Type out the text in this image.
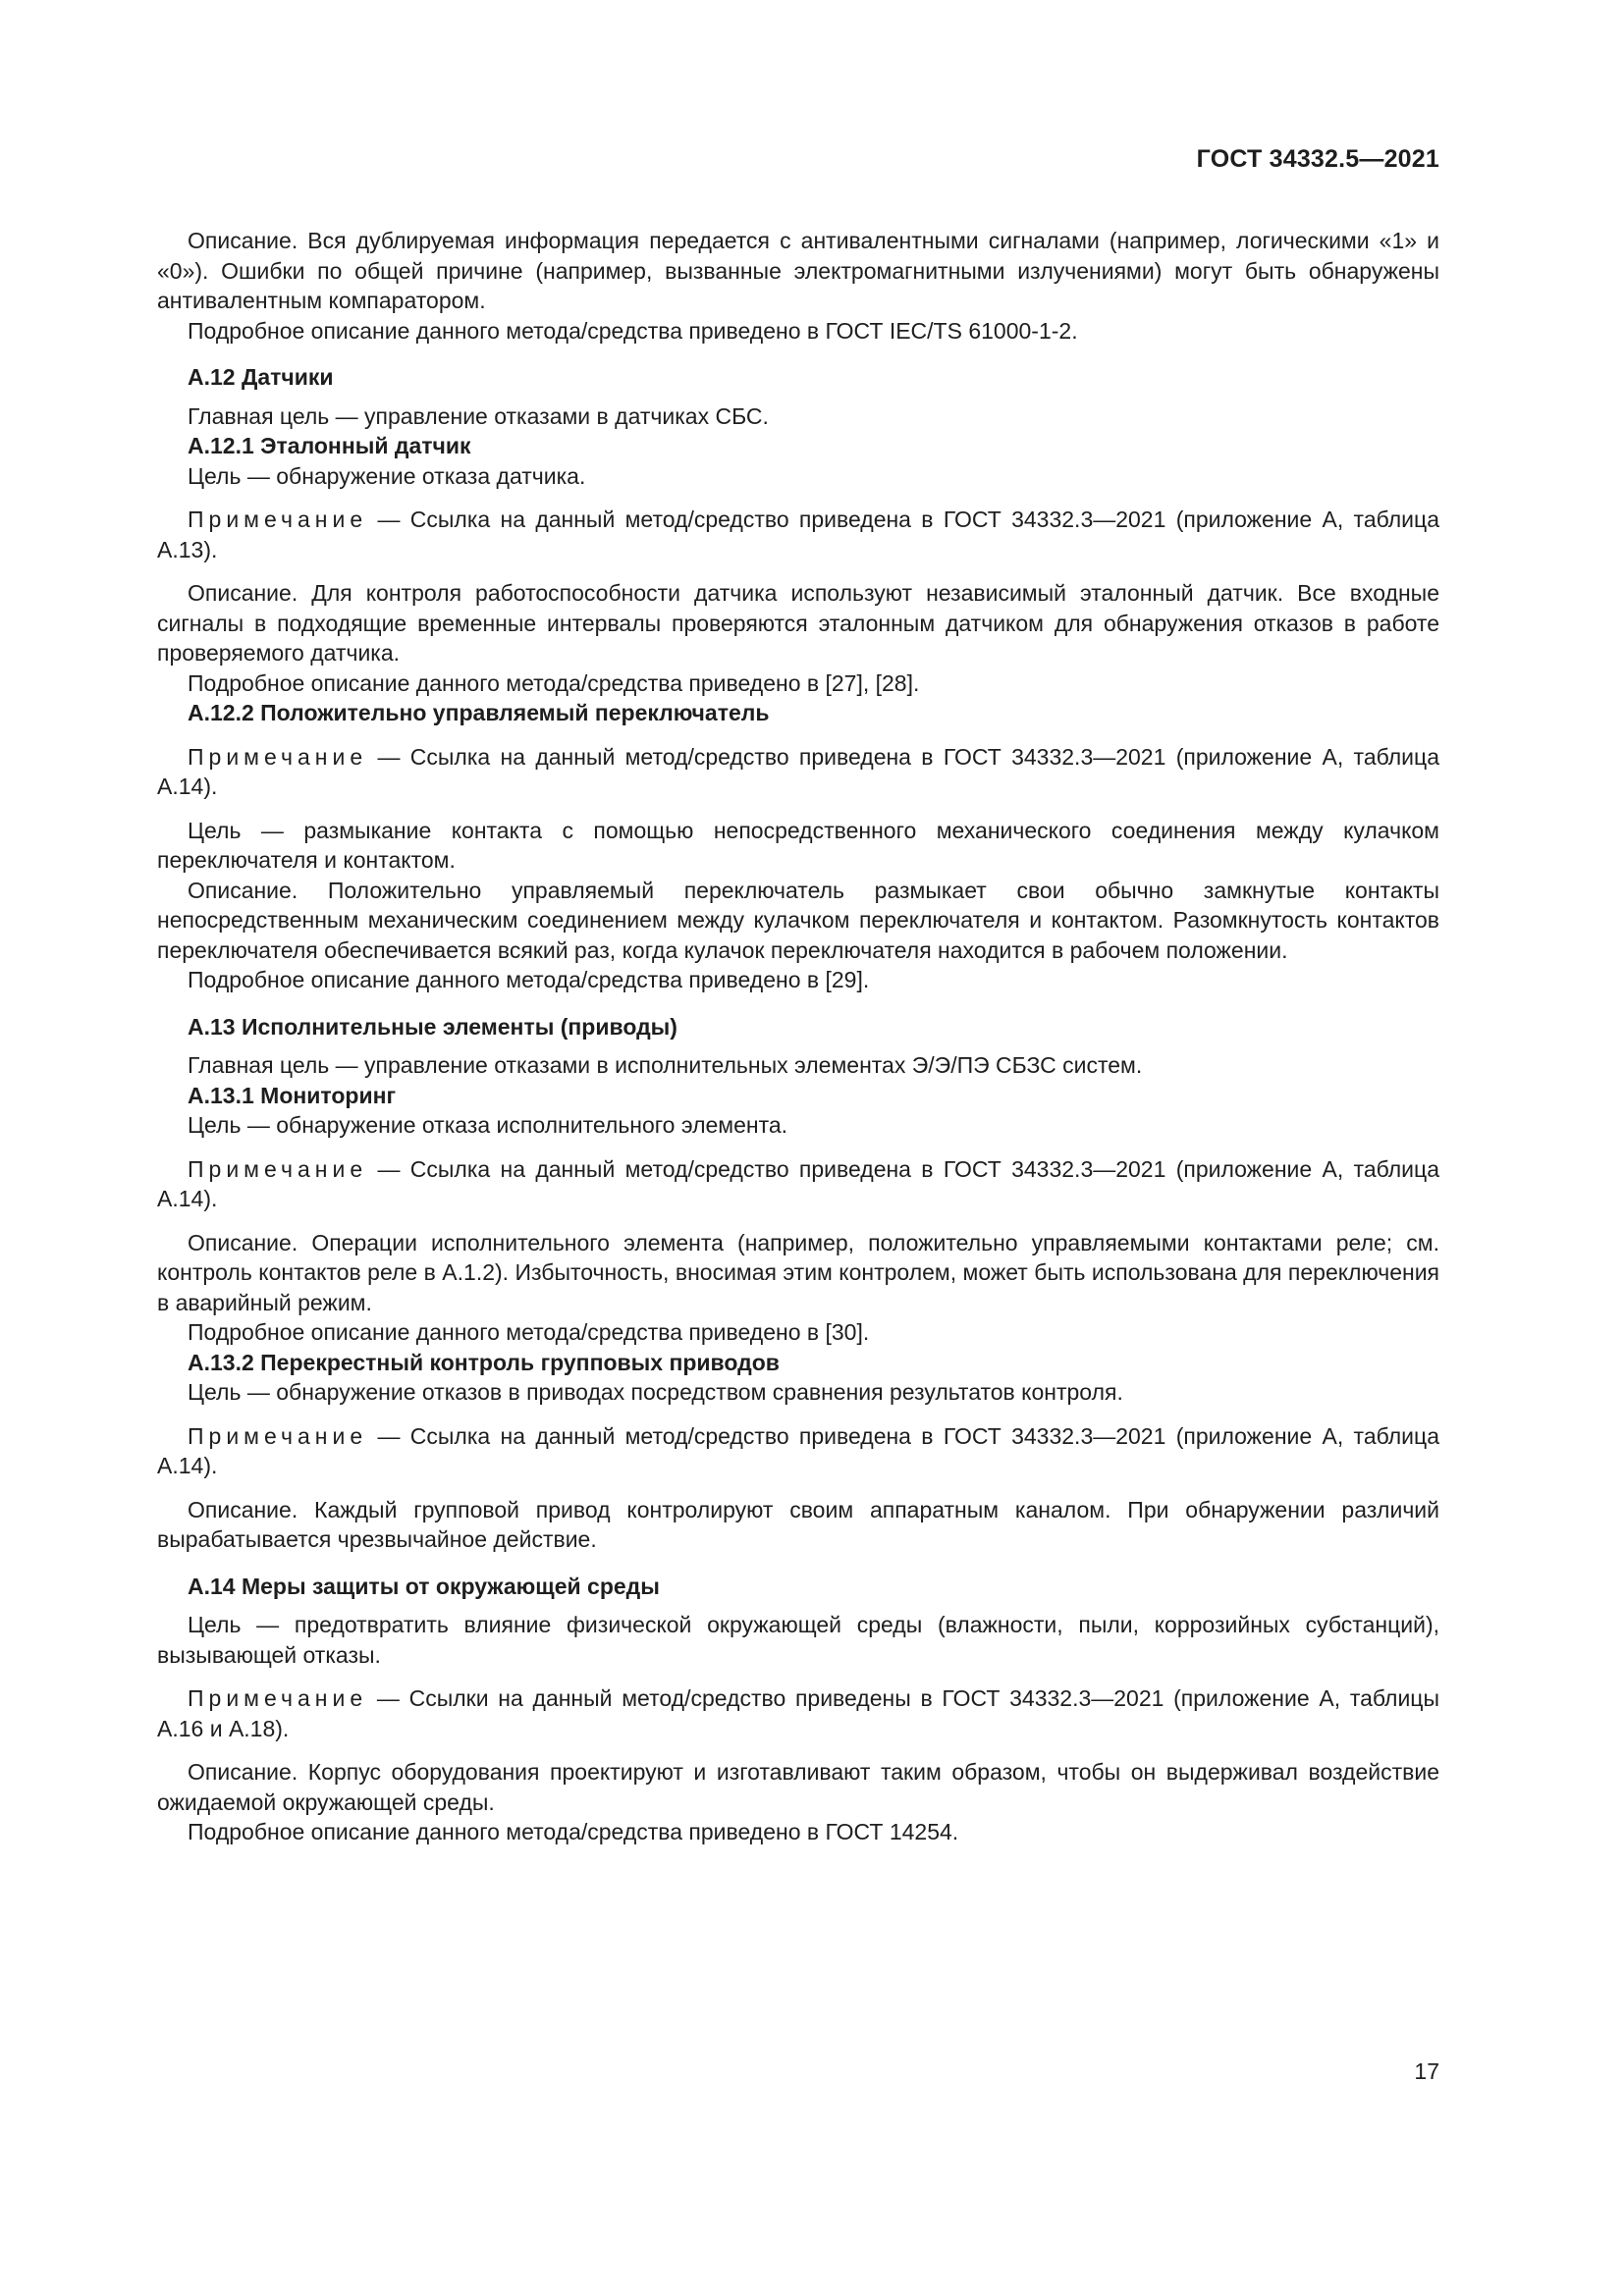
ГОСТ 34332.5—2021

Описание. Вся дублируемая информация передается с антивалентными сигналами (например, логическими «1» и «0»). Ошибки по общей причине (например, вызванные электромагнитными излучениями) могут быть обнаружены антивалентным компаратором.

Подробное описание данного метода/средства приведено в ГОСТ IEC/TS 61000-1-2.

А.12 Датчики

Главная цель — управление отказами в датчиках СБС.

А.12.1 Эталонный датчик

Цель — обнаружение отказа датчика.

Примечание — Ссылка на данный метод/средство приведена в ГОСТ 34332.3—2021 (приложение А, таблица А.13).

Описание. Для контроля работоспособности датчика используют независимый эталонный датчик. Все входные сигналы в подходящие временные интервалы проверяются эталонным датчиком для обнаружения отказов в работе проверяемого датчика.

Подробное описание данного метода/средства приведено в [27], [28].

А.12.2 Положительно управляемый переключатель

Примечание — Ссылка на данный метод/средство приведена в ГОСТ 34332.3—2021 (приложение А, таблица А.14).

Цель — размыкание контакта с помощью непосредственного механического соединения между кулачком переключателя и контактом.

Описание. Положительно управляемый переключатель размыкает свои обычно замкнутые контакты непосредственным механическим соединением между кулачком переключателя и контактом. Разомкнутость контактов переключателя обеспечивается всякий раз, когда кулачок переключателя находится в рабочем положении.

Подробное описание данного метода/средства приведено в [29].

А.13 Исполнительные элементы (приводы)

Главная цель — управление отказами в исполнительных элементах Э/Э/ПЭ СБЗС систем.

А.13.1 Мониторинг

Цель — обнаружение отказа исполнительного элемента.

Примечание — Ссылка на данный метод/средство приведена в ГОСТ 34332.3—2021 (приложение А, таблица А.14).

Описание. Операции исполнительного элемента (например, положительно управляемыми контактами реле; см. контроль контактов реле в А.1.2). Избыточность, вносимая этим контролем, может быть использована для переключения в аварийный режим.

Подробное описание данного метода/средства приведено в [30].

А.13.2 Перекрестный контроль групповых приводов

Цель — обнаружение отказов в приводах посредством сравнения результатов контроля.

Примечание — Ссылка на данный метод/средство приведена в ГОСТ 34332.3—2021 (приложение А, таблица А.14).

Описание. Каждый групповой привод контролируют своим аппаратным каналом. При обнаружении различий вырабатывается чрезвычайное действие.

А.14 Меры защиты от окружающей среды

Цель — предотвратить влияние физической окружающей среды (влажности, пыли, коррозийных субстанций), вызывающей отказы.

Примечание — Ссылки на данный метод/средство приведены в ГОСТ 34332.3—2021 (приложение А, таблицы А.16 и А.18).

Описание. Корпус оборудования проектируют и изготавливают таким образом, чтобы он выдерживал воздействие ожидаемой окружающей среды.

Подробное описание данного метода/средства приведено в ГОСТ 14254.

17
